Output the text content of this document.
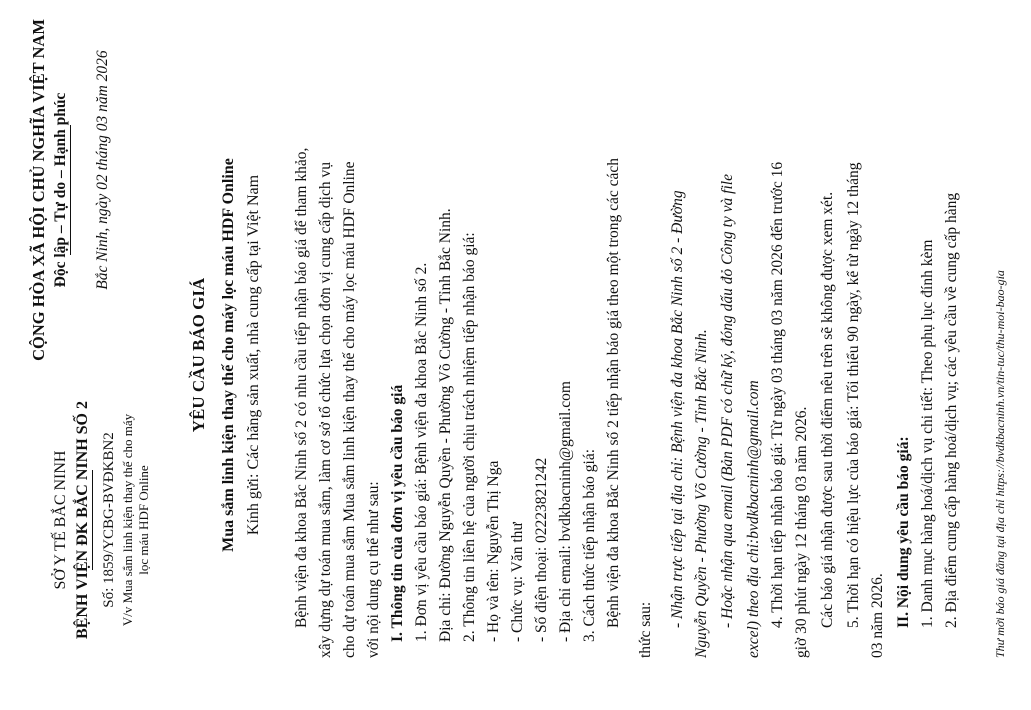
SỞ Y TẾ BẮC NINH BỆNH VIỆN ĐK BẮC NINH SỐ 2 Số: 1859/YCBG-BVĐKBN2 V/v Mua sắm linh kiện thay thế cho máy lọc máu HDF Online
CỘNG HÒA XÃ HỘI CHỦ NGHĨA VIỆT NAM Độc lập – Tự do – Hạnh phúc Bắc Ninh, ngày 02 tháng 03 năm 2026
YÊU CẦU BÁO GIÁ Mua sắm linh kiện thay thế cho máy lọc máu HDF Online Kính gửi: Các hãng sản xuất, nhà cung cấp tại Việt Nam Bệnh viện đa khoa Bắc Ninh số 2 có nhu cầu tiếp nhận báo giá để tham khảo, xây dựng dự toán mua sắm, làm cơ sở tổ chức lựa chọn đơn vị cung cấp dịch vụ cho dự toán mua sắm Mua sắm linh kiện thay thế cho máy lọc máu HDF Online với nội dung cụ thể như sau: I. Thông tin của đơn vị yêu cầu báo giá 1. Đơn vị yêu cầu báo giá: Bệnh viện đa khoa Bắc Ninh số 2. Địa chỉ: Đường Nguyễn Quyền - Phường Võ Cường - Tỉnh Bắc Ninh. 2. Thông tin liên hệ của người chịu trách nhiệm tiếp nhận báo giá: - Họ và tên: Nguyễn Thị Nga - Chức vụ: Văn thư - Số điện thoại: 02223821242 - Địa chỉ email: bvdkbacninh@gmail.com 3. Cách thức tiếp nhận báo giá: Bệnh viện đa khoa Bắc Ninh số 2 tiếp nhận báo giá theo một trong các cách
thức sau:
- Nhận trực tiếp tại địa chỉ: Bệnh viện đa khoa Bắc Ninh số 2 - Đường Nguyễn Quyền - Phường Võ Cường - Tỉnh Bắc Ninh. - Hoặc nhận qua email (Bản PDF có chữ ký, đóng dấu đỏ Công ty và file excel) theo địa chỉ:bvdkbacninh@gmail.com 4. Thời hạn tiếp nhận báo giá: Từ ngày 03 tháng 03 năm 2026 đến trước 16 giờ 30 phút ngày 12 tháng 03 năm 2026. Các báo giá nhận được sau thời điểm nêu trên sẽ không được xem xét. 5. Thời hạn có hiệu lực của báo giá: Tối thiểu 90 ngày, kể từ ngày 12 tháng 03 năm 2026. II. Nội dung yêu cầu báo giá: 1. Danh mục hàng hoá/dịch vụ chi tiết: Theo phụ lục đính kèm 2. Địa điểm cung cấp hàng hoá/dịch vụ; các yêu cầu về cung cấp hàng	Thư mời báo giá đăng tại địa chỉ https://bvdkbacninh.vn/tin-tuc/thu-moi-bao-gia
